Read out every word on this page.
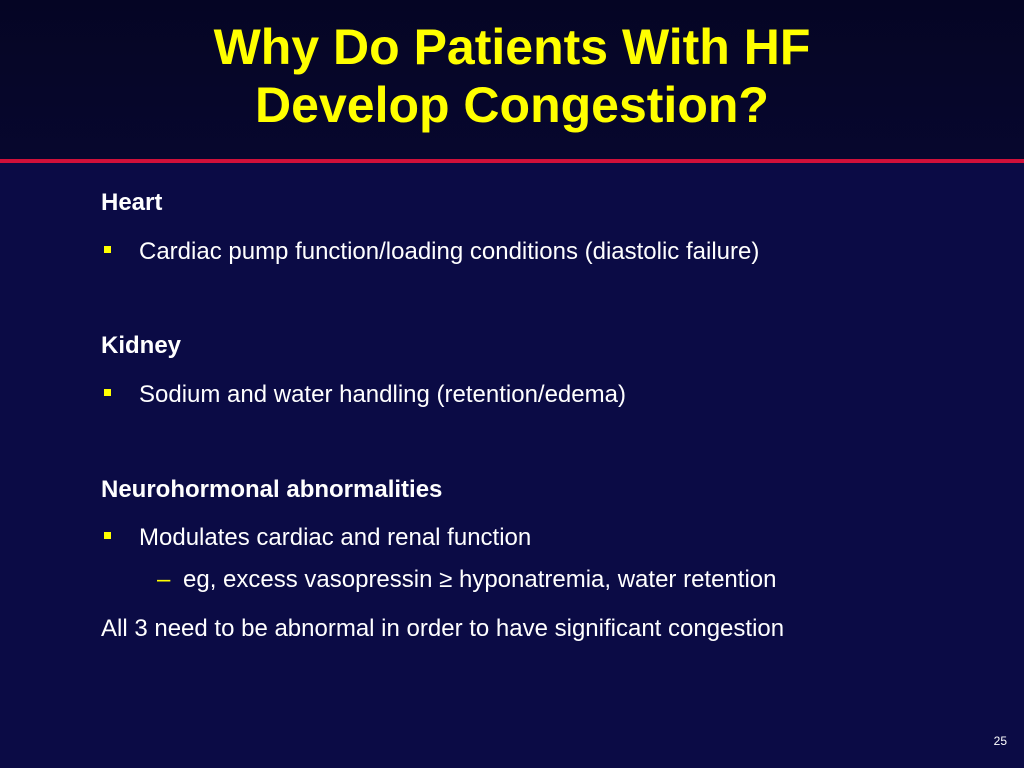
Why Do Patients With HF
Develop Congestion?
Heart
Cardiac pump function/loading conditions (diastolic failure)
Kidney
Sodium and water handling (retention/edema)
Neurohormonal abnormalities
Modulates cardiac and renal function
– eg, excess vasopressin ≥ hyponatremia, water retention
All 3 need to be abnormal in order to have significant congestion
25
